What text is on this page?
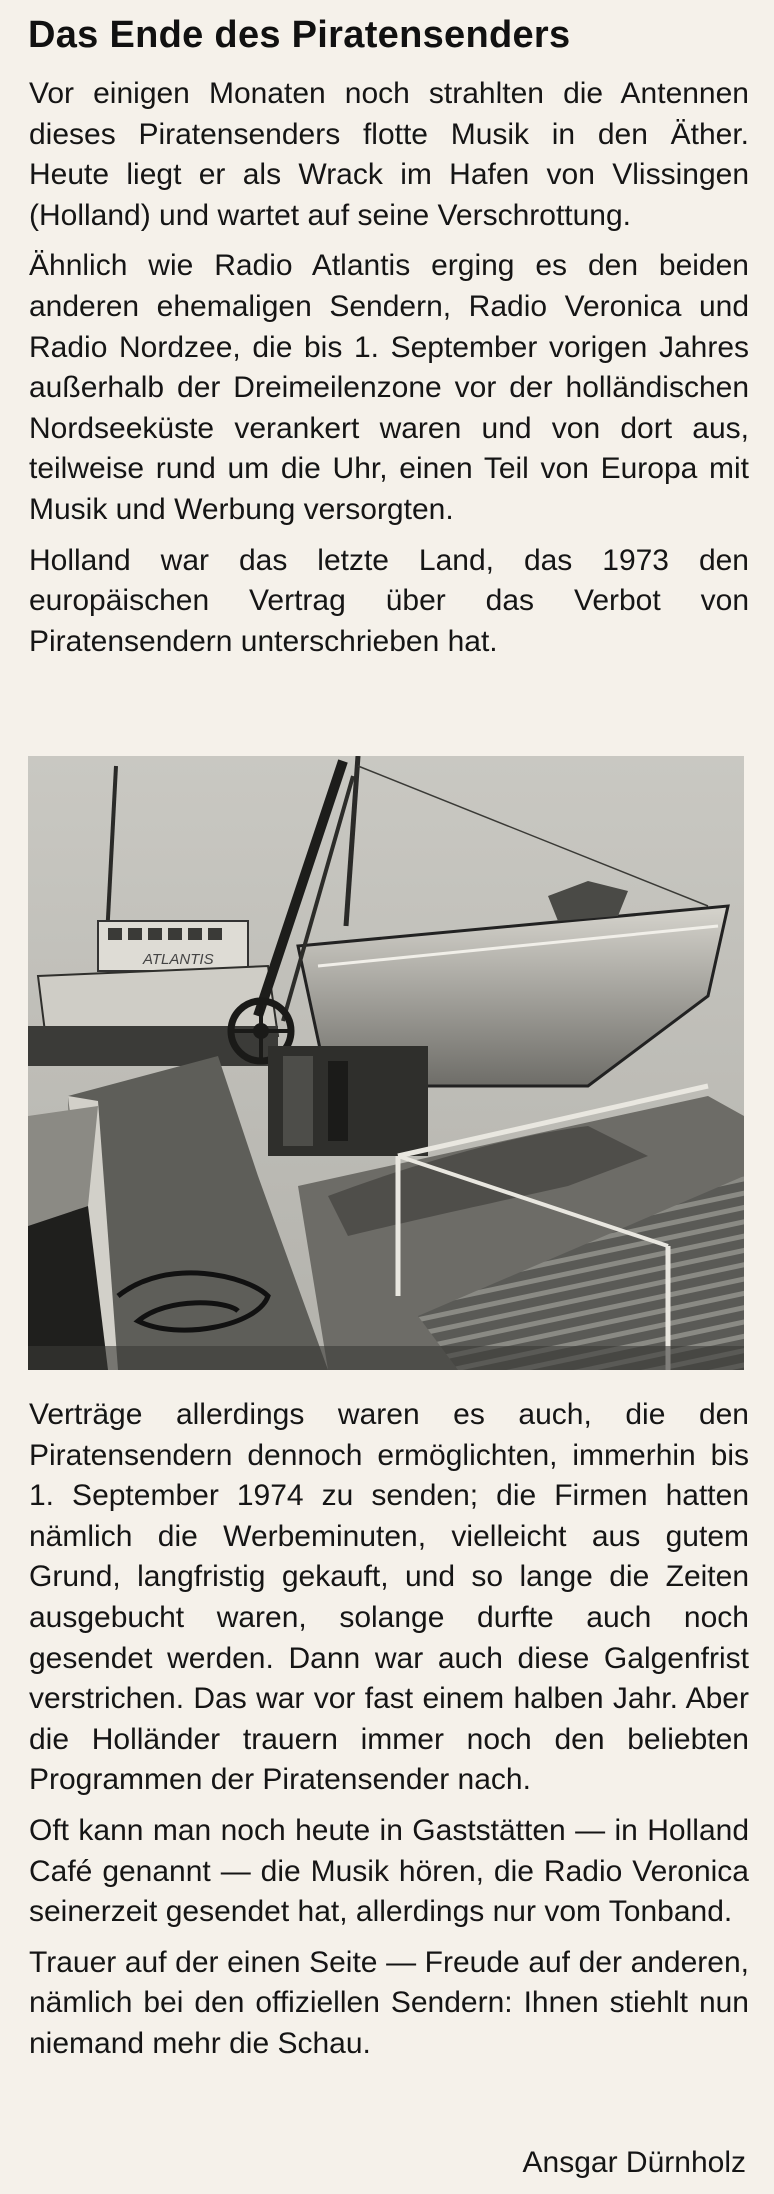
Das Ende des Piratensenders

Vor einigen Monaten noch strahlten die Antennen dieses Piratensenders flotte Musik in den Äther. Heute liegt er als Wrack im Hafen von Vlissingen (Holland) und wartet auf seine Verschrottung.

Ähnlich wie Radio Atlantis erging es den beiden anderen ehemaligen Sendern, Radio Veronica und Radio Nordzee, die bis 1. September vorigen Jahres außerhalb der Dreimeilenzone vor der holländischen Nordseeküste verankert waren und von dort aus, teilweise rund um die Uhr, einen Teil von Europa mit Musik und Werbung versorgten.

Holland war das letzte Land, das 1973 den europäischen Vertrag über das Verbot von Piratensendern unterschrieben hat.

ATLANTIS

Verträge allerdings waren es auch, die den Piratensendern dennoch ermöglichten, immerhin bis 1. September 1974 zu senden; die Firmen hatten nämlich die Werbeminuten, vielleicht aus gutem Grund, langfristig gekauft, und so lange die Zeiten ausgebucht waren, solange durfte auch noch gesendet werden. Dann war auch diese Galgenfrist verstrichen. Das war vor fast einem halben Jahr. Aber die Holländer trauern immer noch den beliebten Programmen der Piratensender nach.

Oft kann man noch heute in Gaststätten — in Holland Café genannt — die Musik hören, die Radio Veronica seinerzeit gesendet hat, allerdings nur vom Tonband.

Trauer auf der einen Seite — Freude auf der anderen, nämlich bei den offiziellen Sendern: Ihnen stiehlt nun niemand mehr die Schau.

Ansgar Dürnholz
